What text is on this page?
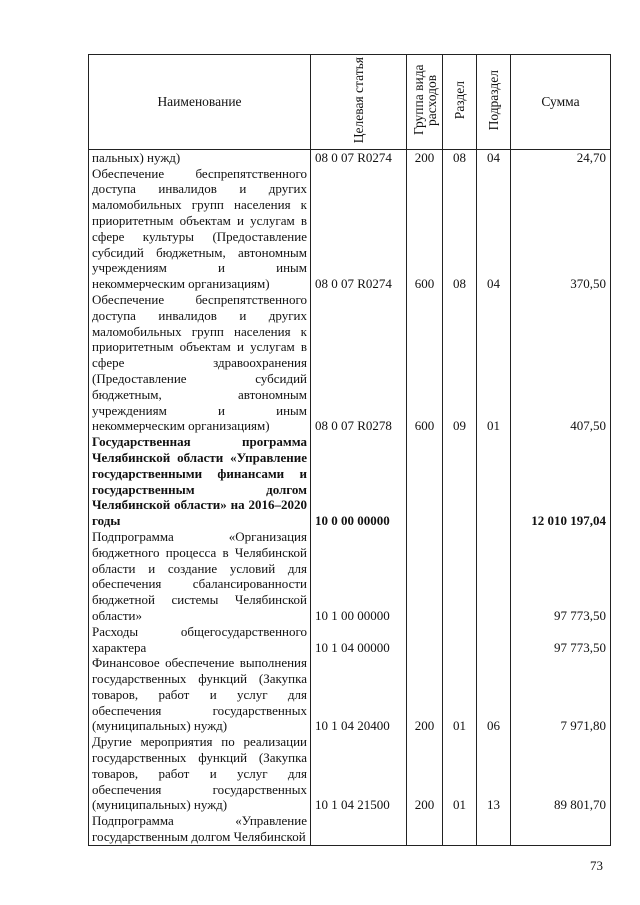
Наименование	Целевая статья	Группа вида расходов	Раздел	Подраздел	Сумма
пальных) нужд)	08 0 07 R0274	200	08	04	24,70
Обеспечение беспрепятственного доступа инвалидов и других маломобильных групп населения к приоритетным объектам и услугам в сфере культуры (Предоставление субсидий бюджетным, автономным учреждениям и иным некоммерческим организациям)	08 0 07 R0274	600	08	04	370,50
Обеспечение беспрепятственного доступа инвалидов и других маломобильных групп населения к приоритетным объектам и услугам в сфере здравоохранения (Предоставление субсидий бюджетным, автономным учреждениям и иным некоммерческим организациям)	08 0 07 R0278	600	09	01	407,50
Государственная программа Челябинской области «Управление государственными финансами и государственным долгом Челябинской области» на 2016–2020 годы	10 0 00 00000				12 010 197,04
Подпрограмма «Организация бюджетного процесса в Челябинской области и создание условий для обеспечения сбалансированности бюджетной системы Челябинской области»	10 1 00 00000				97 773,50
Расходы общегосударственного характера	10 1 04 00000				97 773,50
Финансовое обеспечение выполнения государственных функций (Закупка товаров, работ и услуг для обеспечения государственных (муниципальных) нужд)	10 1 04 20400	200	01	06	7 971,80
Другие мероприятия по реализации государственных функций (Закупка товаров, работ и услуг для обеспечения государственных (муниципальных) нужд)	10 1 04 21500	200	01	13	89 801,70
Подпрограмма «Управление государственным долгом Челябинской					
73
